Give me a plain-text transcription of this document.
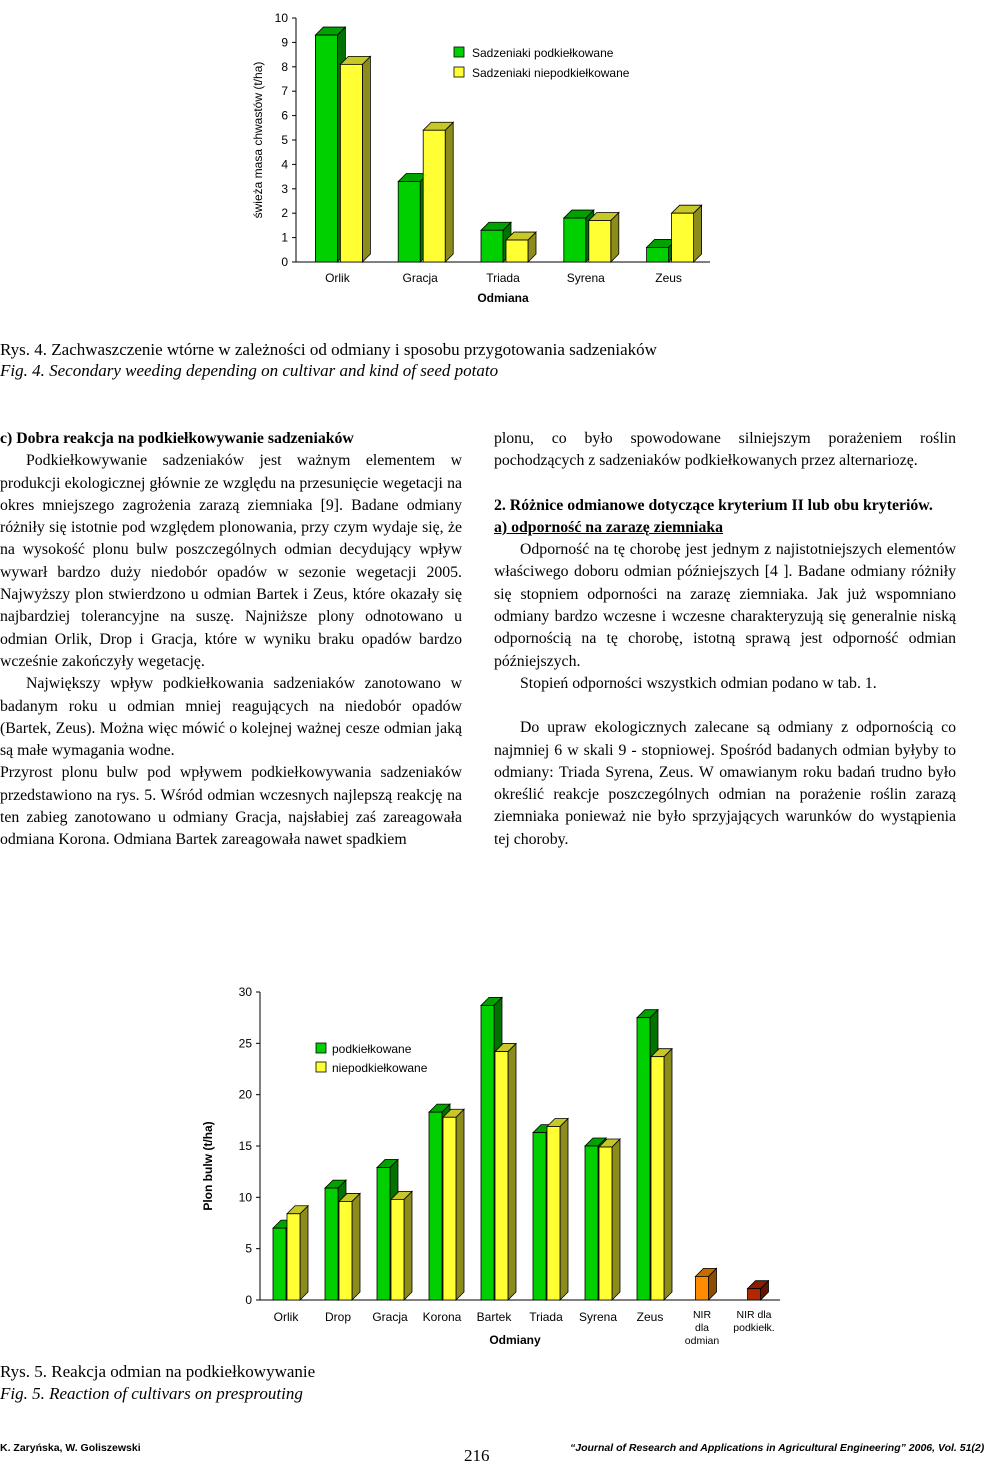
0
1
2
3
4
5
6
7
8
9
10
Orlik	Gracja	Triada	Syrena	Zeus
Odmiana
świeża masa chwastów (t/ha)
Sadzeniaki podkiełkowane
Sadzeniaki niepodkiełkowane
Rys. 4. Zachwaszczenie wtórne w zależności od odmiany i sposobu przygotowania sadzeniaków
Fig. 4. Secondary weeding depending on cultivar and kind of seed potato

c) Dobra reakcja na podkiełkowywanie sadzeniaków

Podkiełkowywanie sadzeniaków jest ważnym elementem w produkcji ekologicznej głównie ze względu na przesunięcie wegetacji na okres mniejszego zagrożenia zarazą ziemniaka [9]. Badane odmiany różniły się istotnie pod względem plonowania, przy czym wydaje się, że na wysokość plonu bulw poszczególnych odmian decydujący wpływ wywarł bardzo duży niedobór opadów w sezonie wegetacji 2005. Najwyższy plon stwierdzono u odmian Bartek i Zeus, które okazały się najbardziej tolerancyjne na suszę. Najniższe plony odnotowano u odmian Orlik, Drop i Gracja, które w wyniku braku opadów bardzo wcześnie zakończyły wegetację.

Największy wpływ podkiełkowania sadzeniaków zanotowano w badanym roku u odmian mniej reagujących na niedobór opadów (Bartek, Zeus). Można więc mówić o kolejnej ważnej cesze odmian jaką są małe wymagania wodne.

Przyrost plonu bulw pod wpływem podkiełkowywania sadzeniaków przedstawiono na rys. 5. Wśród odmian wczesnych najlepszą reakcję na ten zabieg zanotowano u odmiany Gracja, najsłabiej zaś zareagowała odmiana Korona. Odmiana Bartek zareagowała nawet spadkiem

plonu, co było spowodowane silniejszym porażeniem roślin pochodzących z sadzeniaków podkiełkowanych przez alternariozę.

2. Różnice odmianowe dotyczące kryterium II lub obu kryteriów.

a) odporność na zarazę ziemniaka

Odporność na tę chorobę jest jednym z najistotniejszych elementów właściwego doboru odmian późniejszych [4 ]. Badane odmiany różniły się stopniem odporności na zarazę ziemniaka. Jak już wspomniano odmiany bardzo wczesne i wczesne charakteryzują się generalnie niską odpornością na tę chorobę, istotną sprawą jest odporność odmian późniejszych.

Stopień odporności wszystkich odmian podano w tab. 1.

Do upraw ekologicznych zalecane są odmiany z odpornością co najmniej 6 w skali 9 - stopniowej. Spośród badanych odmian byłyby to odmiany: Triada Syrena, Zeus. W omawianym roku badań trudno było określić reakcje poszczególnych odmian na porażenie roślin zarazą ziemniaka ponieważ nie było sprzyjających warunków do wystąpienia tej choroby.

0
5
10
15
20
25
30
Orlik Drop Gracja Korona Bartek Triada Syrena Zeus	NIR
dla
odmian
NIR dla
podkiełk.
Odmiany
Plon bulw (t/ha)
podkiełkowane
niepodkiełkowane
Rys. 5. Reakcja odmian na podkiełkowywanie
Fig. 5. Reaction of cultivars on presprouting
K. Zaryńska, W. Goliszewski	216	“Journal of Research and Applications in Agricultural Engineering” 2006, Vol. 51(2)
